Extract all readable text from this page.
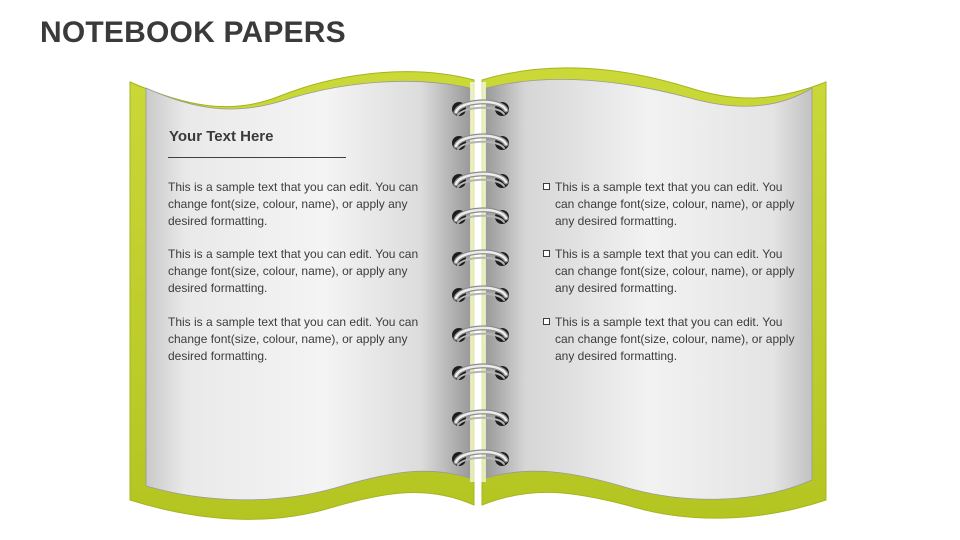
NOTEBOOK PAPERS
Your Text Here
This is a sample text that you can edit. You can change font(size, colour, name), or apply any desired formatting.
This is a sample text that you can edit. You can change font(size, colour, name), or apply any desired formatting.
This is a sample text that you can edit. You can change font(size, colour, name), or apply any desired formatting.
This is a sample text that you can edit. You can change font(size, colour, name), or apply any desired formatting.
This is a sample text that you can edit. You can change font(size, colour, name), or apply any desired formatting.
This is a sample text that you can edit. You can change font(size, colour, name), or apply any desired formatting.
